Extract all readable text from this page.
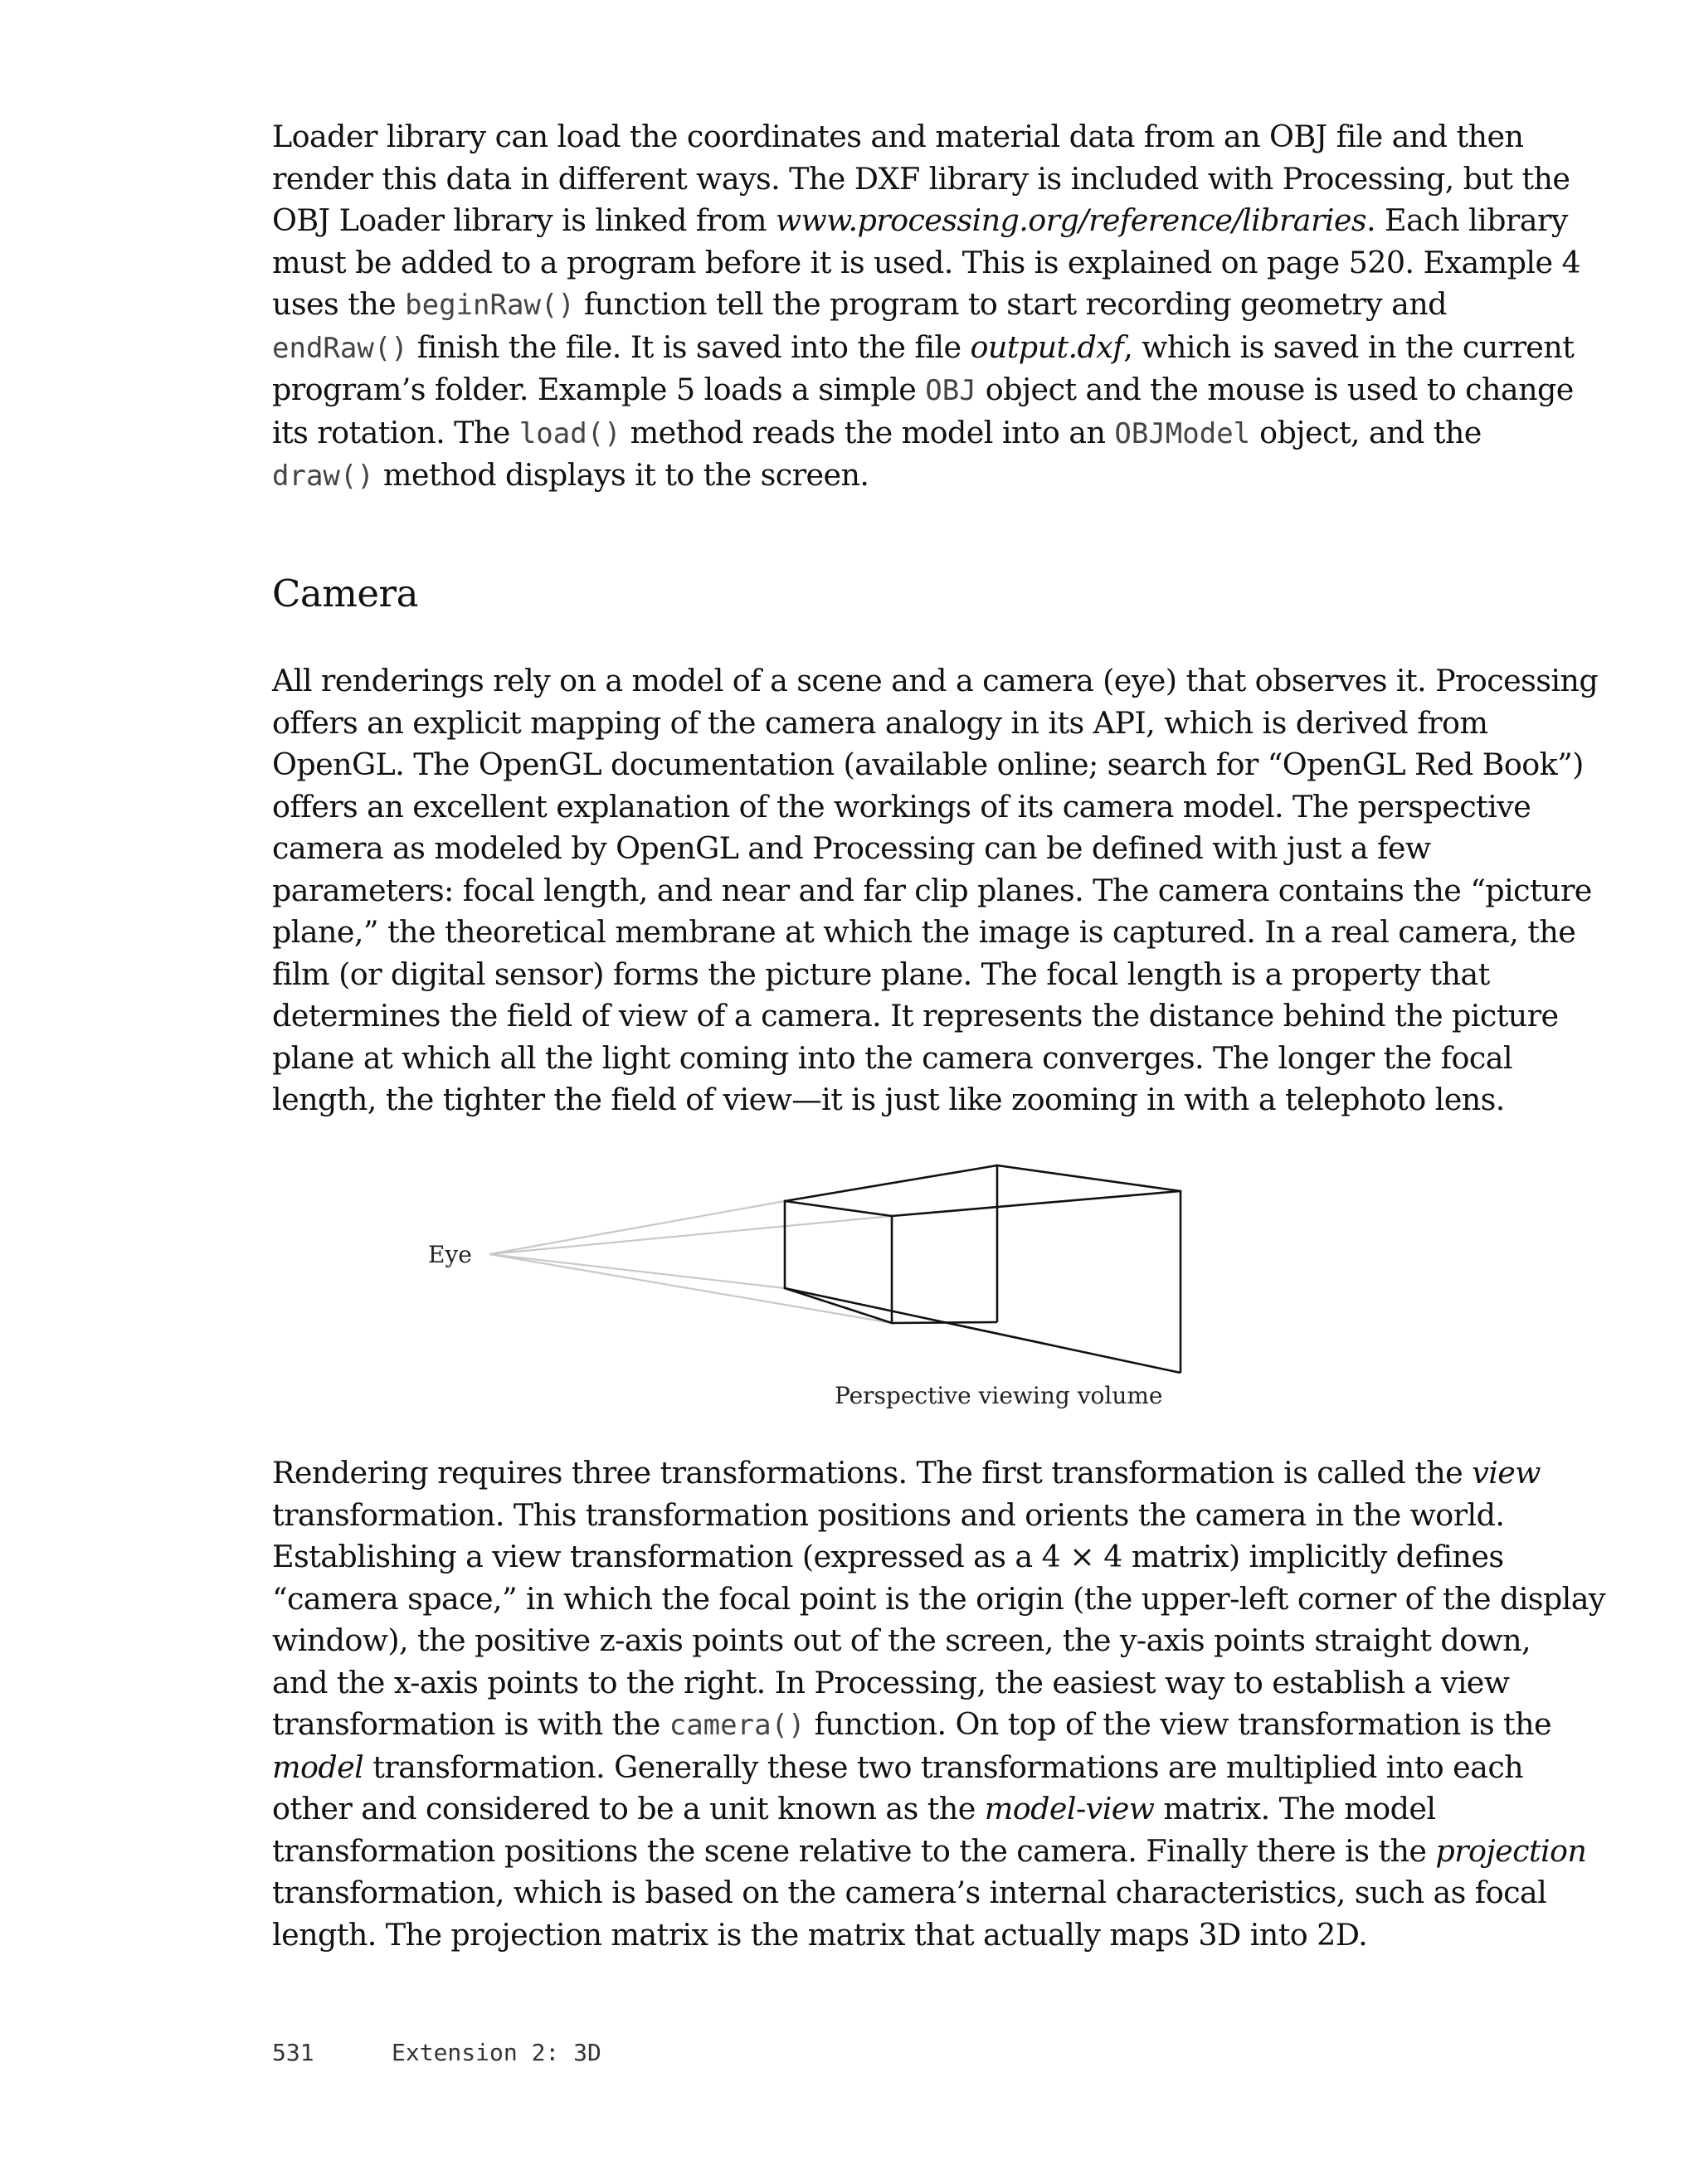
Loader library can load the coordinates and material data from an OBJ file and then
render this data in different ways. The DXF library is included with Processing, but the
OBJ Loader library is linked from www.processing.org/reference/libraries. Each library
must be added to a program before it is used. This is explained on page 520. Example 4
uses the beginRaw() function tell the program to start recording geometry and
endRaw() finish the file. It is saved into the file output.dxf, which is saved in the current
program’s folder. Example 5 loads a simple OBJ object and the mouse is used to change
its rotation. The load() method reads the model into an OBJModel object, and the
draw() method displays it to the screen.
Camera
All renderings rely on a model of a scene and a camera (eye) that observes it. Processing
offers an explicit mapping of the camera analogy in its API, which is derived from
OpenGL. The OpenGL documentation (available online; search for “OpenGL Red Book”)
offers an excellent explanation of the workings of its camera model. The perspective
camera as modeled by OpenGL and Processing can be defined with just a few
parameters: focal length, and near and far clip planes. The camera contains the “picture
plane,” the theoretical membrane at which the image is captured. In a real camera, the
film (or digital sensor) forms the picture plane. The focal length is a property that
determines the field of view of a camera. It represents the distance behind the picture
plane at which all the light coming into the camera converges. The longer the focal
length, the tighter the field of view—it is just like zooming in with a telephoto lens.
Eye
Perspective viewing volume
Rendering requires three transformations. The first transformation is called the view
transformation. This transformation positions and orients the camera in the world.
Establishing a view transformation (expressed as a 4 × 4 matrix) implicitly defines
“camera space,” in which the focal point is the origin (the upper-left corner of the display
window), the positive z-axis points out of the screen, the y-axis points straight down,
and the x-axis points to the right. In Processing, the easiest way to establish a view
transformation is with the camera() function. On top of the view transformation is the
model transformation. Generally these two transformations are multiplied into each
other and considered to be a unit known as the model-view matrix. The model
transformation positions the scene relative to the camera. Finally there is the projection
transformation, which is based on the camera’s internal characteristics, such as focal
length. The projection matrix is the matrix that actually maps 3D into 2D.
531	Extension 2: 3D
